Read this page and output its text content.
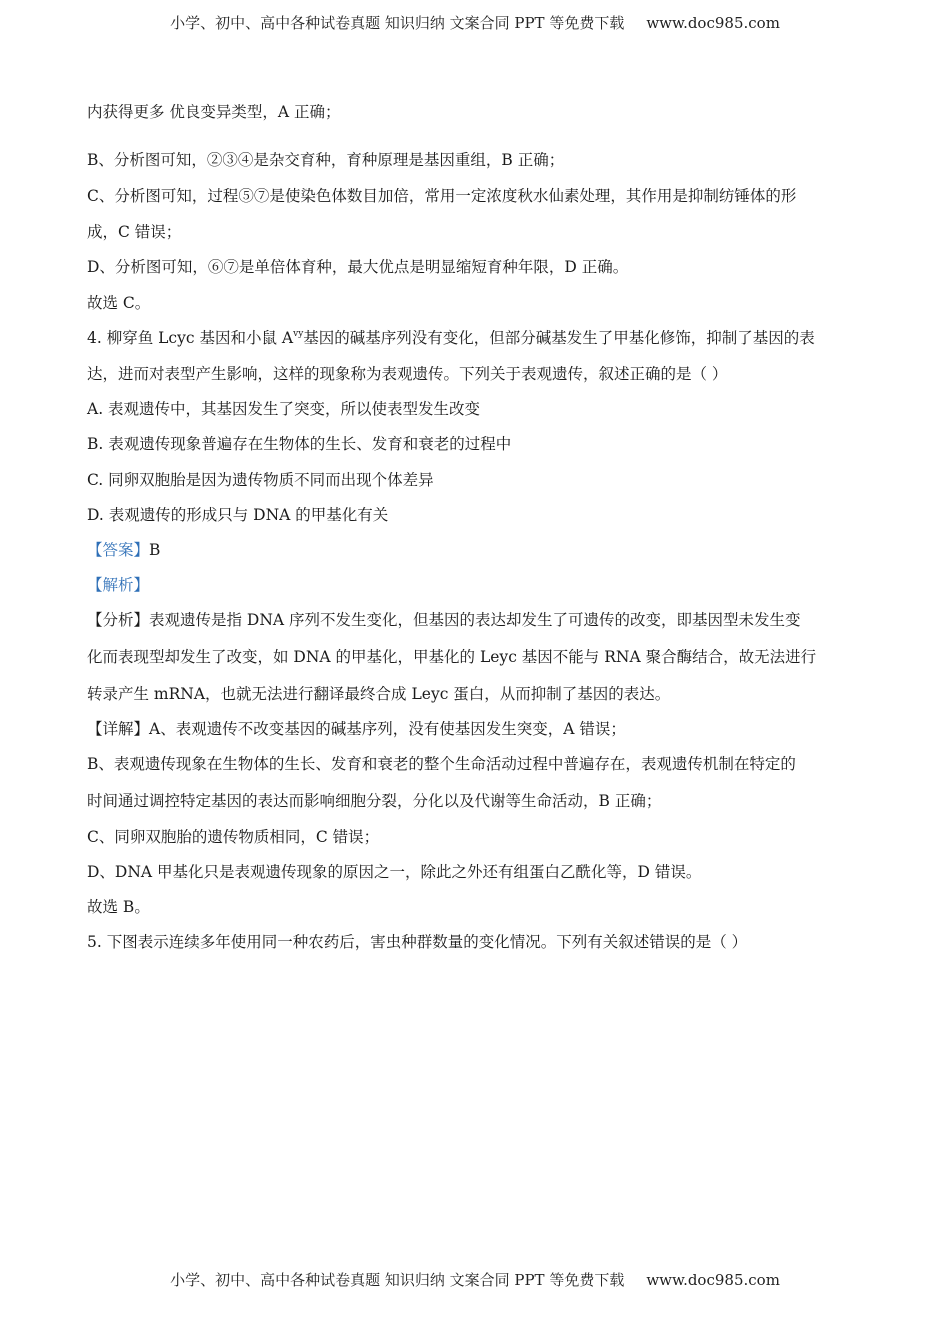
小学、初中、高中各种试卷真题 知识归纳 文案合同 PPT 等免费下载 www.doc985.com
内获得更多 优良变异类型，A 正确；
B、分析图可知，②③④是杂交育种，育种原理是基因重组，B 正确；
C、分析图可知，过程⑤⑦是使染色体数目加倍，常用一定浓度秋水仙素处理，其作用是抑制纺锤体的形
成，C 错误；
D、分析图可知，⑥⑦是单倍体育种，最大优点是明显缩短育种年限，D 正确。
故选 C。
4. 柳穿鱼 Lcyc 基因和小鼠 $A^{vy}$基因的碱基序列没有变化，但部分碱基发生了甲基化修饰，抑制了基因的表
达，进而对表型产生影响，这样的现象称为表观遗传。下列关于表观遗传，叙述正确的是（ ）
A. 表观遗传中，其基因发生了突变，所以使表型发生改变
B. 表观遗传现象普遍存在生物体的生长、发育和衰老的过程中
C. 同卵双胞胎是因为遗传物质不同而出现个体差异
D. 表观遗传的形成只与 DNA 的甲基化有关
【答案】B
【解析】
【分析】表观遗传是指 DNA 序列不发生变化，但基因的表达却发生了可遗传的改变，即基因型未发生变
化而表现型却发生了改变，如 DNA 的甲基化，甲基化的 Leyc 基因不能与 RNA 聚合酶结合，故无法进行
转录产生 mRNA，也就无法进行翻译最终合成 Leyc 蛋白，从而抑制了基因的表达。
【详解】A、表观遗传不改变基因的碱基序列，没有使基因发生突变，A 错误；
B、表观遗传现象在生物体的生长、发育和衰老的整个生命活动过程中普遍存在，表观遗传机制在特定的
时间通过调控特定基因的表达而影响细胞分裂，分化以及代谢等生命活动，B 正确；
C、同卵双胞胎的遗传物质相同，C 错误；
D、DNA 甲基化只是表观遗传现象的原因之一，除此之外还有组蛋白乙酰化等，D 错误。
故选 B。
5. 下图表示连续多年使用同一种农药后，害虫种群数量的变化情况。下列有关叙述错误的是（ ）
小学、初中、高中各种试卷真题 知识归纳 文案合同 PPT 等免费下载 www.doc985.com
